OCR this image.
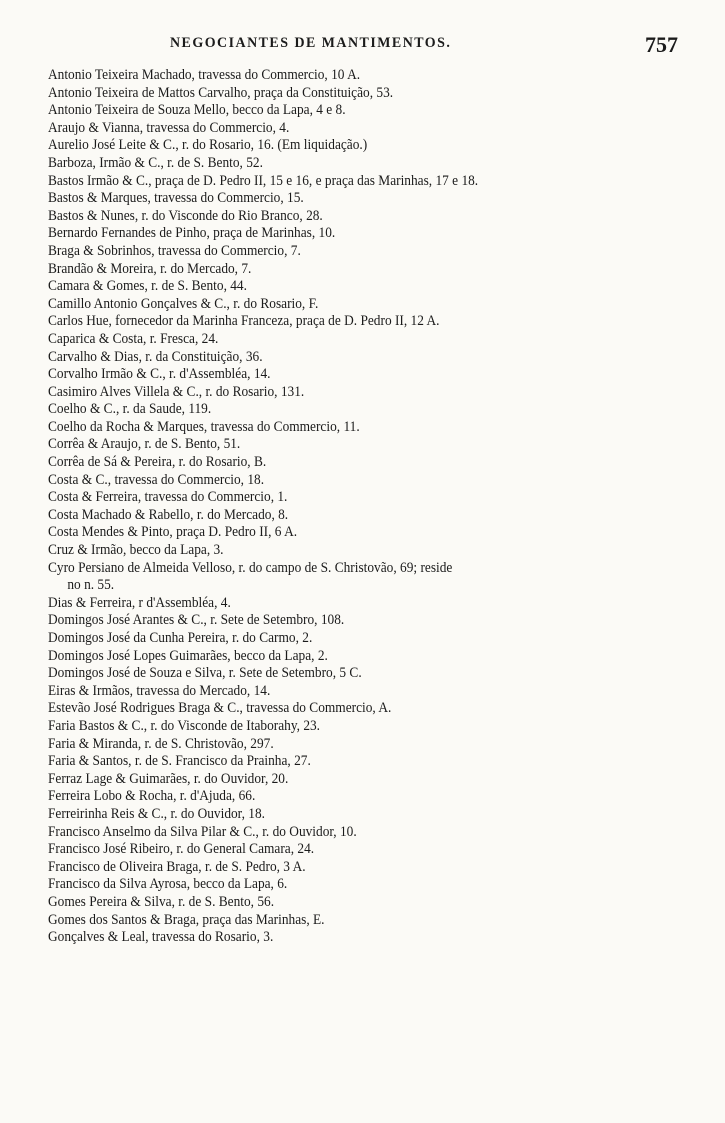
NEGOCIANTES DE MANTIMENTOS.	757
Antonio Teixeira Machado, travessa do Commercio, 10 A.
Antonio Teixeira de Mattos Carvalho, praça da Constituição, 53.
Antonio Teixeira de Souza Mello, becco da Lapa, 4 e 8.
Araujo & Vianna, travessa do Commercio, 4.
Aurelio José Leite & C., r. do Rosario, 16. (Em liquidação.)
Barboza, Irmão & C., r. de S. Bento, 52.
Bastos Irmão & C., praça de D. Pedro II, 15 e 16, e praça das Marinhas, 17 e 18.
Bastos & Marques, travessa do Commercio, 15.
Bastos & Nunes, r. do Visconde do Rio Branco, 28.
Bernardo Fernandes de Pinho, praça de Marinhas, 10.
Braga & Sobrinhos, travessa do Commercio, 7.
Brandão & Moreira, r. do Mercado, 7.
Camara & Gomes, r. de S. Bento, 44.
Camillo Antonio Gonçalves & C., r. do Rosario, F.
Carlos Hue, fornecedor da Marinha Franceza, praça de D. Pedro II, 12 A.
Caparica & Costa, r. Fresca, 24.
Carvalho & Dias, r. da Constituição, 36.
Corvalho Irmão & C., r. d'Assembléa, 14.
Casimiro Alves Villela & C., r. do Rosario, 131.
Coelho & C., r. da Saude, 119.
Coelho da Rocha & Marques, travessa do Commercio, 11.
Corrêa & Araujo, r. de S. Bento, 51.
Corrêa de Sá & Pereira, r. do Rosario, B.
Costa & C., travessa do Commercio, 18.
Costa & Ferreira, travessa do Commercio, 1.
Costa Machado & Rabello, r. do Mercado, 8.
Costa Mendes & Pinto, praça D. Pedro II, 6 A.
Cruz & Irmão, becco da Lapa, 3.
Cyro Persiano de Almeida Velloso, r. do campo de S. Christovão, 69; reside
no n. 55.
Dias & Ferreira, r d'Assembléa, 4.
Domingos José Arantes & C., r. Sete de Setembro, 108.
Domingos José da Cunha Pereira, r. do Carmo, 2.
Domingos José Lopes Guimarães, becco da Lapa, 2.
Domingos José de Souza e Silva, r. Sete de Setembro, 5 C.
Eiras & Irmãos, travessa do Mercado, 14.
Estevão José Rodrigues Braga & C., travessa do Commercio, A.
Faria Bastos & C., r. do Visconde de Itaborahy, 23.
Faria & Miranda, r. de S. Christovão, 297.
Faria & Santos, r. de S. Francisco da Prainha, 27.
Ferraz Lage & Guimarães, r. do Ouvidor, 20.
Ferreira Lobo & Rocha, r. d'Ajuda, 66.
Ferreirinha Reis & C., r. do Ouvidor, 18.
Francisco Anselmo da Silva Pilar & C., r. do Ouvidor, 10.
Francisco José Ribeiro, r. do General Camara, 24.
Francisco de Oliveira Braga, r. de S. Pedro, 3 A.
Francisco da Silva Ayrosa, becco da Lapa, 6.
Gomes Pereira & Silva, r. de S. Bento, 56.
Gomes dos Santos & Braga, praça das Marinhas, E.
Gonçalves & Leal, travessa do Rosario, 3.
